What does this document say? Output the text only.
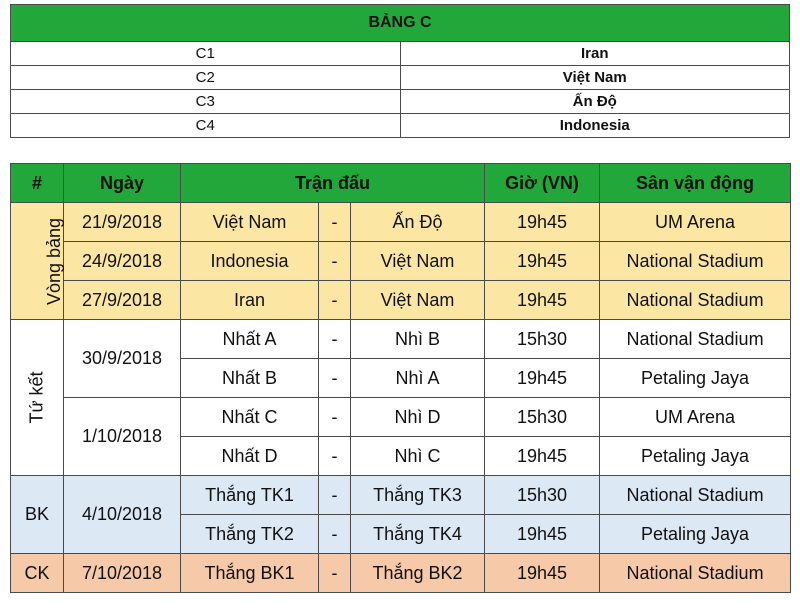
BẢNG C	
C1	Iran
C2	Việt Nam
C3	Ấn Độ
C4	Indonesia
#	Ngày	Trận đấu			Giờ (VN)	Sân vận động
Vòng bảng	21/9/2018	Việt Nam	-	Ấn Độ	19h45	UM Arena
	24/9/2018	Indonesia	-	Việt Nam	19h45	National Stadium
	27/9/2018	Iran	-	Việt Nam	19h45	National Stadium
Tứ kết	30/9/2018	Nhất A	-	Nhì B	15h30	National Stadium
		Nhất B	-	Nhì A	19h45	Petaling Jaya
	1/10/2018	Nhất C	-	Nhì D	15h30	UM Arena
		Nhất D	-	Nhì C	19h45	Petaling Jaya
BK	4/10/2018	Thắng TK1	-	Thắng TK3	15h30	National Stadium
		Thắng TK2	-	Thắng TK4	19h45	Petaling Jaya
CK	7/10/2018	Thắng BK1	-	Thắng BK2	19h45	National Stadium
